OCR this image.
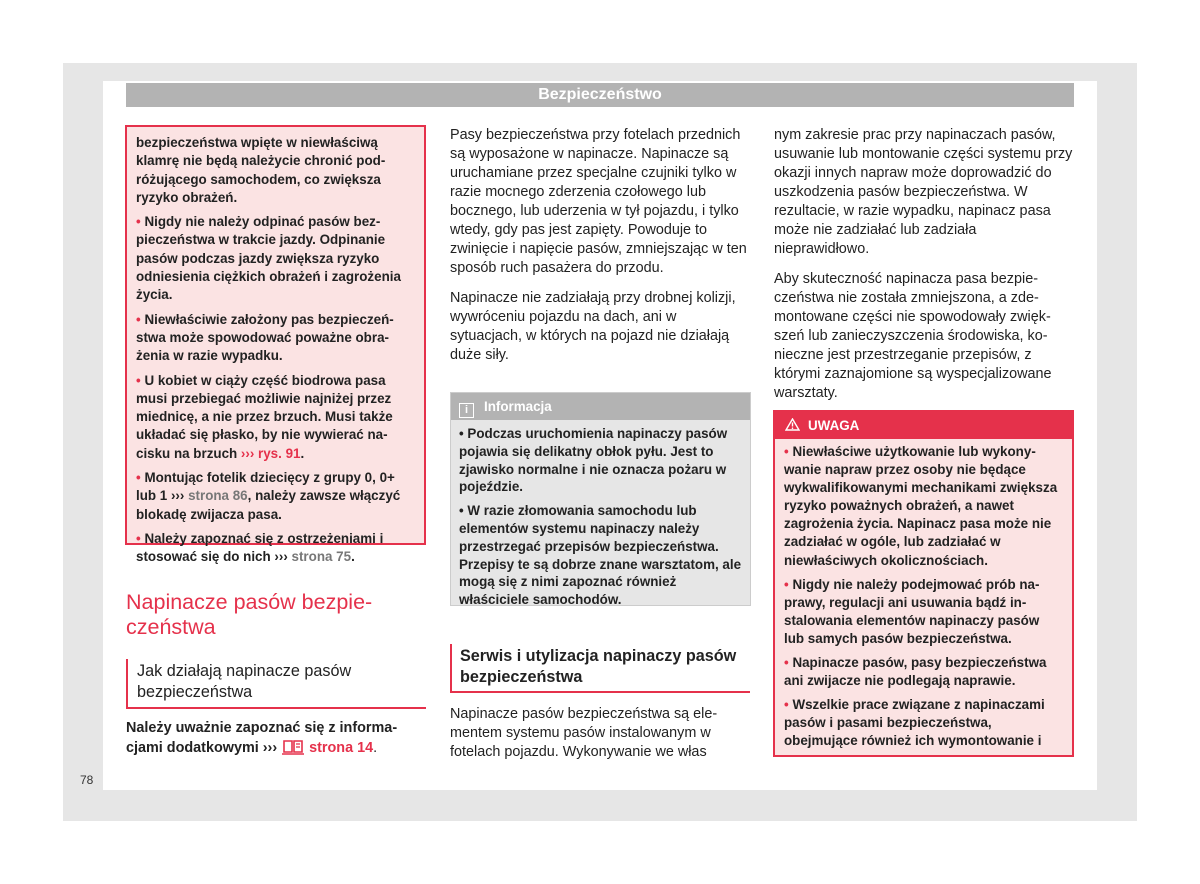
Bezpieczeństwo

bezpieczeństwa wpięte w niewłaściwą klamrę nie będą należycie chronić podróżującego samochodem, co zwiększa ryzyko obrażeń.

• Nigdy nie należy odpinać pasów bezpieczeństwa w trakcie jazdy. Odpinanie pasów podczas jazdy zwiększa ryzyko odniesienia ciężkich obrażeń i zagrożenia życia.

• Niewłaściwie założony pas bezpieczeństwa może spowodować poważne obrażenia w razie wypadku.

• U kobiet w ciąży część biodrowa pasa musi przebiegać możliwie najniżej przez miednicę, a nie przez brzuch. Musi także układać się płasko, by nie wywierać nacisku na brzuch ››› rys. 91.

• Montując fotelik dziecięcy z grupy 0, 0+ lub 1 ››› strona 86, należy zawsze włączyć blokadę zwijacza pasa.

• Należy zapoznać się z ostrzeżeniami i stosować się do nich ››› strona 75.

Napinacze pasów bezpieczeństwa
Jak działają napinacze pasów bezpieczeństwa
Należy uważnie zapoznać się z informacjami dodatkowymi ››› strona 14.

Pasy bezpieczeństwa przy fotelach przednich są wyposażone w napinacze. Napinacze są uruchamiane przez specjalne czujniki tylko w razie mocnego zderzenia czołowego lub bocznego, lub uderzenia w tył pojazdu, i tylko wtedy, gdy pas jest zapięty. Powoduje to zwinięcie i napięcie pasów, zmniejszając w ten sposób ruch pasażera do przodu.

Napinacze nie zadziałają przy drobnej kolizji, wywróceniu pojazdu na dach, ani w sytuacjach, w których na pojazd nie działają duże siły.

i Informacja

• Podczas uruchomienia napinaczy pasów pojawia się delikatny obłok pyłu. Jest to zjawisko normalne i nie oznacza pożaru w pojeździe.

• W razie złomowania samochodu lub elementów systemu napinaczy należy przestrzegać przepisów bezpieczeństwa. Przepisy te są dobrze znane warsztatom, ale mogą się z nimi zapoznać również właściciele samochodów.

Serwis i utylizacja napinaczy pasów bezpieczeństwa
Napinacze pasów bezpieczeństwa są elementem systemu pasów instalowanym w fotelach pojazdu. Wykonywanie we włas

nym zakresie prac przy napinaczach pasów, usuwanie lub montowanie części systemu przy okazji innych napraw może doprowadzić do uszkodzenia pasów bezpieczeństwa. W rezultacie, w razie wypadku, napinacz pasa może nie zadziałać lub zadziała nieprawidłowo.

Aby skuteczność napinacza pasa bezpieczeństwa nie została zmniejszona, a zdemontowane części nie spowodowały zwiększeń lub zanieczyszczenia środowiska, konieczne jest przestrzeganie przepisów, z którymi zaznajomione są wyspecjalizowane warsztaty.

UWAGA

• Niewłaściwe użytkowanie lub wykonywanie napraw przez osoby nie będące wykwalifikowanymi mechanikami zwiększa ryzyko poważnych obrażeń, a nawet zagrożenia życia. Napinacz pasa może nie zadziałać w ogóle, lub zadziałać w niewłaściwych okolicznościach.

• Nigdy nie należy podejmować prób naprawy, regulacji ani usuwania bądź instalowania elementów napinaczy pasów lub samych pasów bezpieczeństwa.

• Napinacze pasów, pasy bezpieczeństwa ani zwijacze nie podlegają naprawie.

• Wszelkie prace związane z napinaczami pasów i pasami bezpieczeństwa, obejmujące również ich wymontowanie i

78
